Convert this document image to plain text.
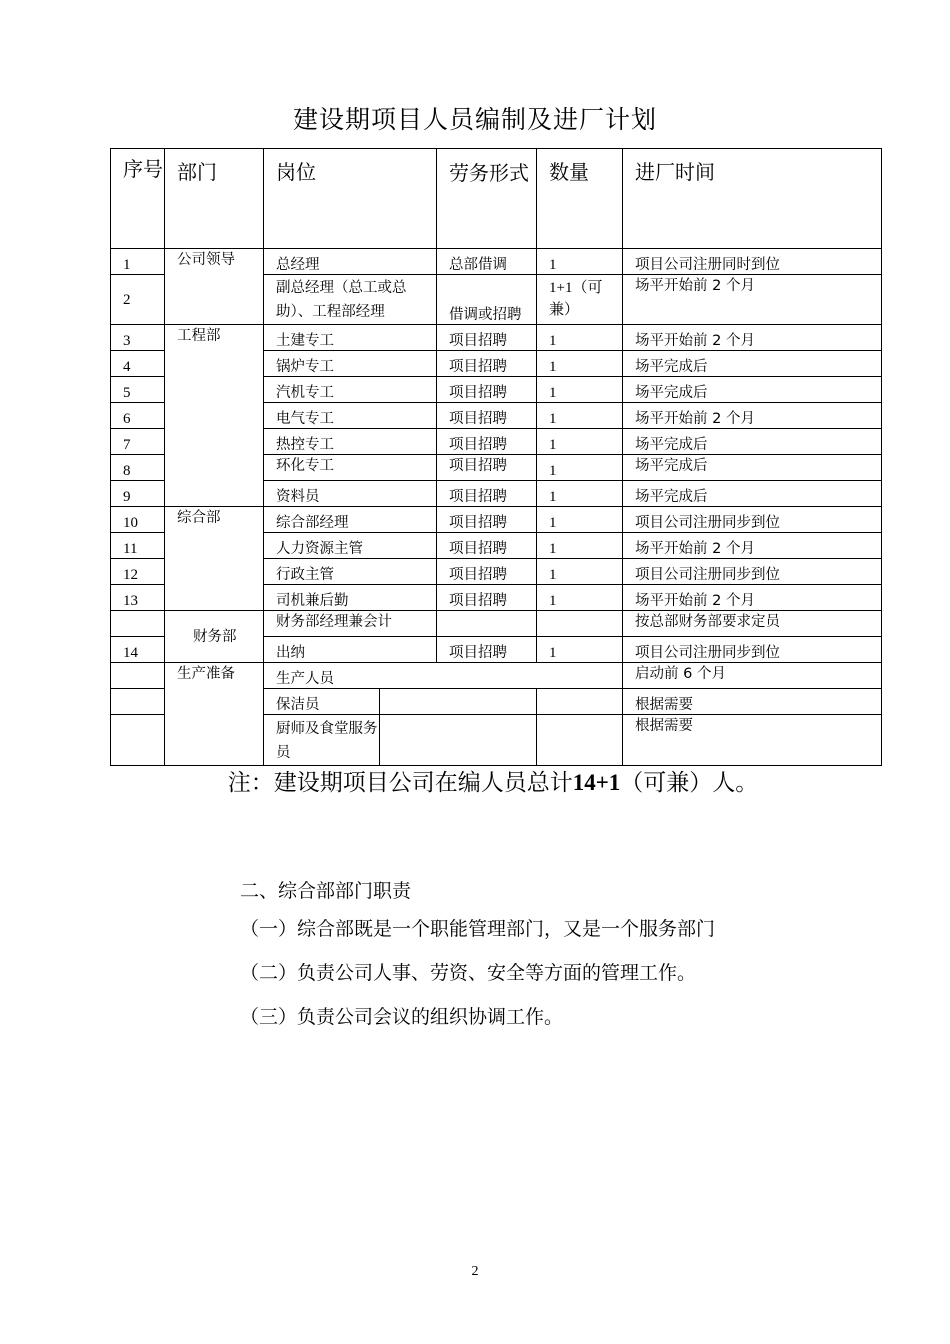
建设期项目人员编制及进厂计划
序号	部门	岗位		劳务形式	数量	进厂时间
1	公司领导	总经理		总部借调	1	项目公司注册同时到位
2		副总经理（总工或总助）、工程部经理		借调或招聘	1+1（可兼）	场平开始前 2 个月
3	工程部	土建专工		项目招聘	1	场平开始前 2 个月
4		锅炉专工		项目招聘	1	场平完成后
5		汽机专工		项目招聘	1	场平完成后
6		电气专工		项目招聘	1	场平开始前 2 个月
7		热控专工		项目招聘	1	场平完成后
8		环化专工		项目招聘	1	场平完成后
9		资料员		项目招聘	1	场平完成后
10	综合部	综合部经理		项目招聘	1	项目公司注册同步到位
11		人力资源主管		项目招聘	1	场平开始前 2 个月
12		行政主管		项目招聘	1	项目公司注册同步到位
13		司机兼后勤		项目招聘	1	场平开始前 2 个月
	财务部	财务部经理兼会计				按总部财务部要求定员
14		出纳		项目招聘	1	项目公司注册同步到位
	生产准备	生产人员				启动前 6 个月
		保洁员				根据需要
		厨师及食堂服务员				根据需要
注：建设期项目公司在编人员总计14+1（可兼）人。
二、综合部部门职责
（一）综合部既是一个职能管理部门，又是一个服务部门
（二）负责公司人事、劳资、安全等方面的管理工作。
（三）负责公司会议的组织协调工作。
2
